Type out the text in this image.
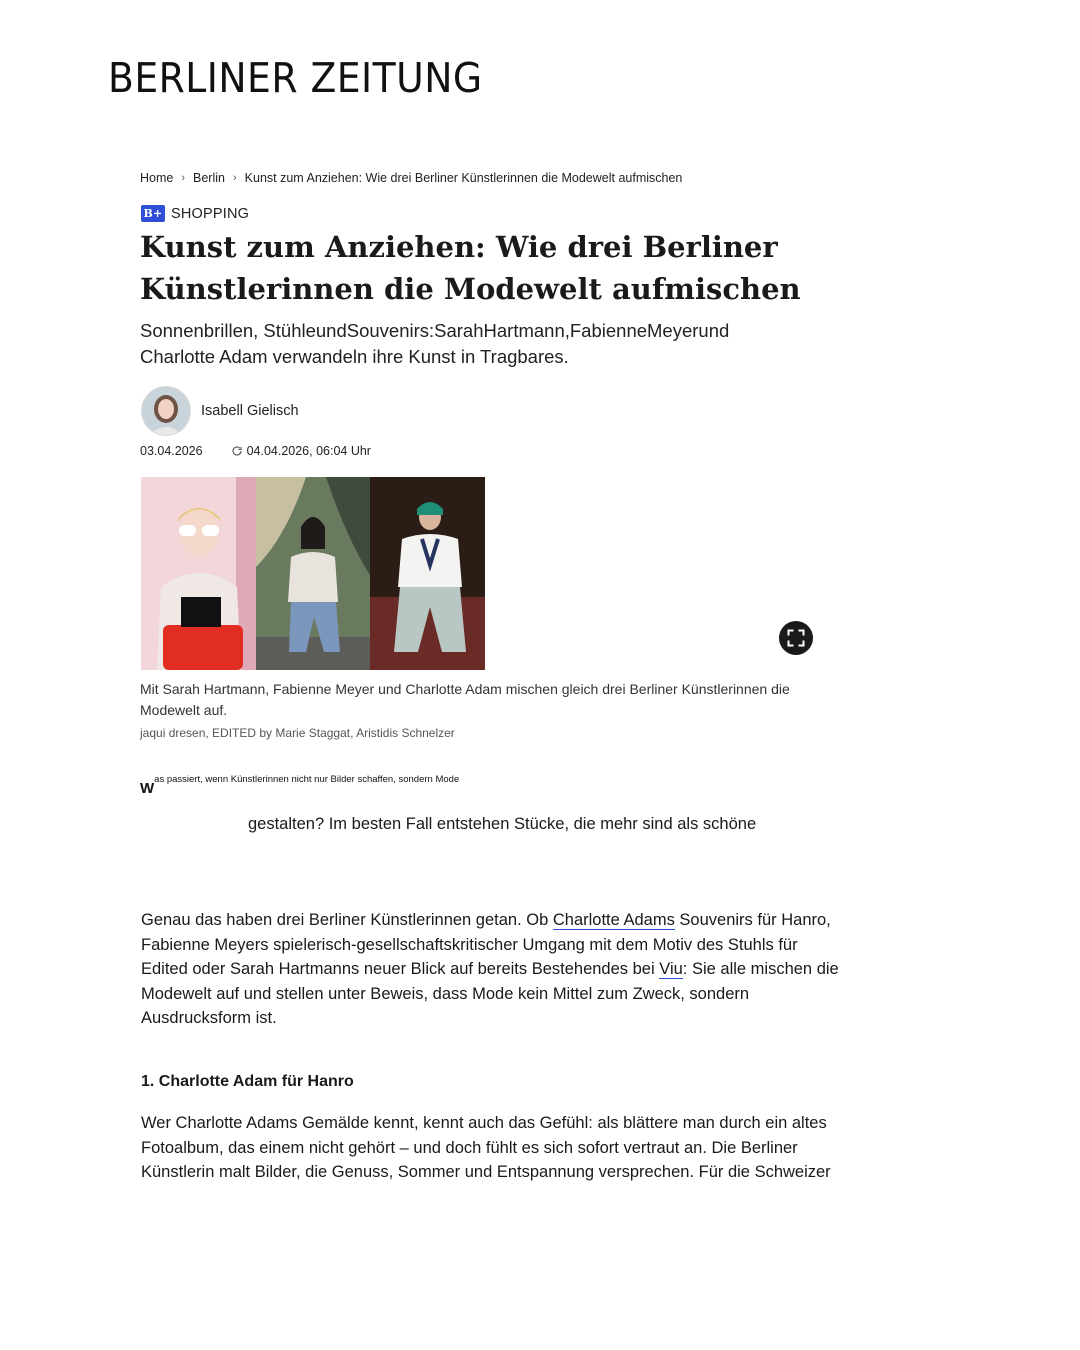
BERLINER ZEITUNG
Home › Berlin › Kunst zum Anziehen: Wie drei Berliner Künstlerinnen die Modewelt aufmischen
B+ SHOPPING
Kunst zum Anziehen: Wie drei Berliner Künstlerinnen die Modewelt aufmischen
Sonnenbrillen, StühleundSouvenirs:SarahHartmann,FabienneMeyerund Charlotte Adam verwandeln ihre Kunst in Tragbares.
Isabell Gielisch
03.04.2026	04.04.2026, 06:04 Uhr
Mit Sarah Hartmann, Fabienne Meyer und Charlotte Adam mischen gleich drei Berliner Künstlerinnen die Modewelt auf.
jaqui dresen, EDITED by Marie Staggat, Aristidis Schnelzer
W
as passiert, wenn Künstlerinnen nicht nur Bilder schaffen, sondern Mode
gestalten? Im besten Fall entstehen Stücke, die mehr sind als schöne

Genau das haben drei Berliner Künstlerinnen getan. Ob Charlotte Adams Souvenirs für Hanro, Fabienne Meyers spielerisch-gesellschaftskritischer Umgang mit dem Motiv des Stuhls für Edited oder Sarah Hartmanns neuer Blick auf bereits Bestehendes bei Viu: Sie alle mischen die Modewelt auf und stellen unter Beweis, dass Mode kein Mittel zum Zweck, sondern Ausdrucksform ist.

1. Charlotte Adam für Hanro

Wer Charlotte Adams Gemälde kennt, kennt auch das Gefühl: als blättere man durch ein altes Fotoalbum, das einem nicht gehört – und doch fühlt es sich sofort vertraut an. Die Berliner Künstlerin malt Bilder, die Genuss, Sommer und Entspannung versprechen. Für die Schweizer
